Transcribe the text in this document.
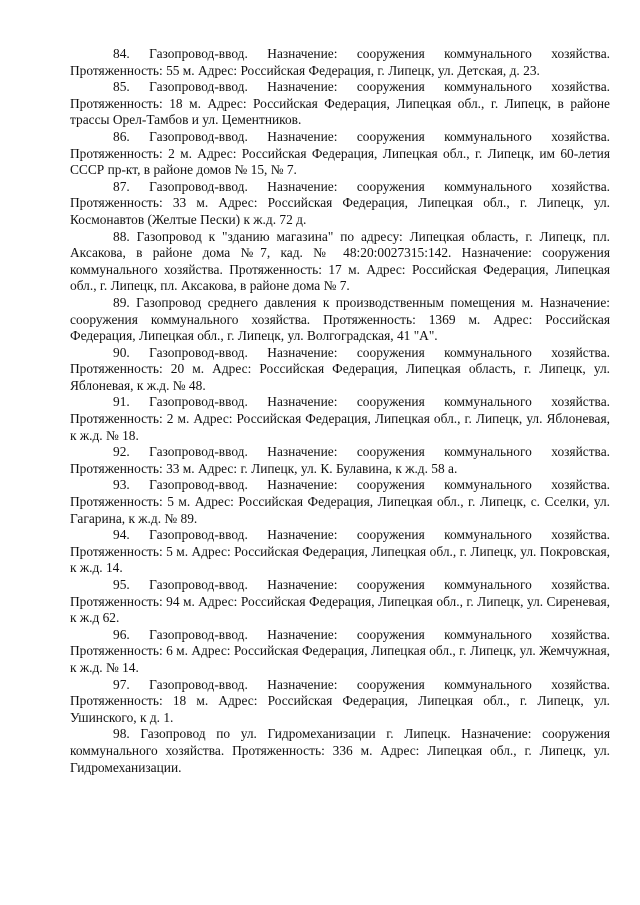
84. Газопровод-ввод. Назначение: сооружения коммунального хозяйства. Протяженность: 55 м. Адрес: Российская Федерация, г. Липецк, ул. Детская, д. 23.

85. Газопровод-ввод. Назначение: сооружения коммунального хозяйства. Протяженность: 18 м. Адрес: Российская Федерация, Липецкая обл., г. Липецк, в районе трассы Орел-Тамбов и ул. Цементников.

86. Газопровод-ввод. Назначение: сооружения коммунального хозяйства. Протяженность: 2 м. Адрес: Российская Федерация, Липецкая обл., г. Липецк, им 60-летия СССР пр-кт, в районе домов № 15, № 7.

87. Газопровод-ввод. Назначение: сооружения коммунального хозяйства. Протяженность: 33 м. Адрес: Российская Федерация, Липецкая обл., г. Липецк, ул. Космонавтов (Желтые Пески) к ж.д. 72 д.

88. Газопровод к "зданию магазина" по адресу: Липецкая область, г. Липецк, пл. Аксакова, в районе дома №7, кад. № 48:20:0027315:142. Назначение: сооружения коммунального хозяйства. Протяженность: 17 м. Адрес: Российская Федерация, Липецкая обл., г. Липецк, пл. Аксакова, в районе дома № 7.

89. Газопровод среднего давления к производственным помещения м. Назначение: сооружения коммунального хозяйства. Протяженность: 1369 м. Адрес: Российская Федерация, Липецкая обл., г. Липецк, ул. Волгоградская, 41 "А".

90. Газопровод-ввод. Назначение: сооружения коммунального хозяйства. Протяженность: 20 м. Адрес: Российская Федерация, Липецкая область, г. Липецк, ул. Яблоневая, к ж.д. № 48.

91. Газопровод-ввод. Назначение: сооружения коммунального хозяйства. Протяженность: 2 м. Адрес: Российская Федерация, Липецкая обл., г. Липецк, ул. Яблоневая, к ж.д. № 18.

92. Газопровод-ввод. Назначение: сооружения коммунального хозяйства. Протяженность: 33 м. Адрес: г. Липецк, ул. К. Булавина, к ж.д. 58 а.

93. Газопровод-ввод. Назначение: сооружения коммунального хозяйства. Протяженность: 5 м. Адрес: Российская Федерация, Липецкая обл., г. Липецк, с. Сселки, ул. Гагарина, к ж.д. № 89.

94. Газопровод-ввод. Назначение: сооружения коммунального хозяйства. Протяженность: 5 м. Адрес: Российская Федерация, Липецкая обл., г. Липецк, ул. Покровская, к ж.д. 14.

95. Газопровод-ввод. Назначение: сооружения коммунального хозяйства. Протяженность: 94 м. Адрес: Российская Федерация, Липецкая обл., г. Липецк, ул. Сиреневая, к ж.д 62.

96. Газопровод-ввод. Назначение: сооружения коммунального хозяйства. Протяженность: 6 м. Адрес: Российская Федерация, Липецкая обл., г. Липецк, ул. Жемчужная, к ж.д. № 14.

97. Газопровод-ввод. Назначение: сооружения коммунального хозяйства. Протяженность: 18 м. Адрес: Российская Федерация, Липецкая обл., г. Липецк, ул. Ушинского, к д. 1.

98. Газопровод по ул. Гидромеханизации г. Липецк. Назначение: сооружения коммунального хозяйства. Протяженность: 336 м. Адрес: Липецкая обл., г. Липецк, ул. Гидромеханизации.
